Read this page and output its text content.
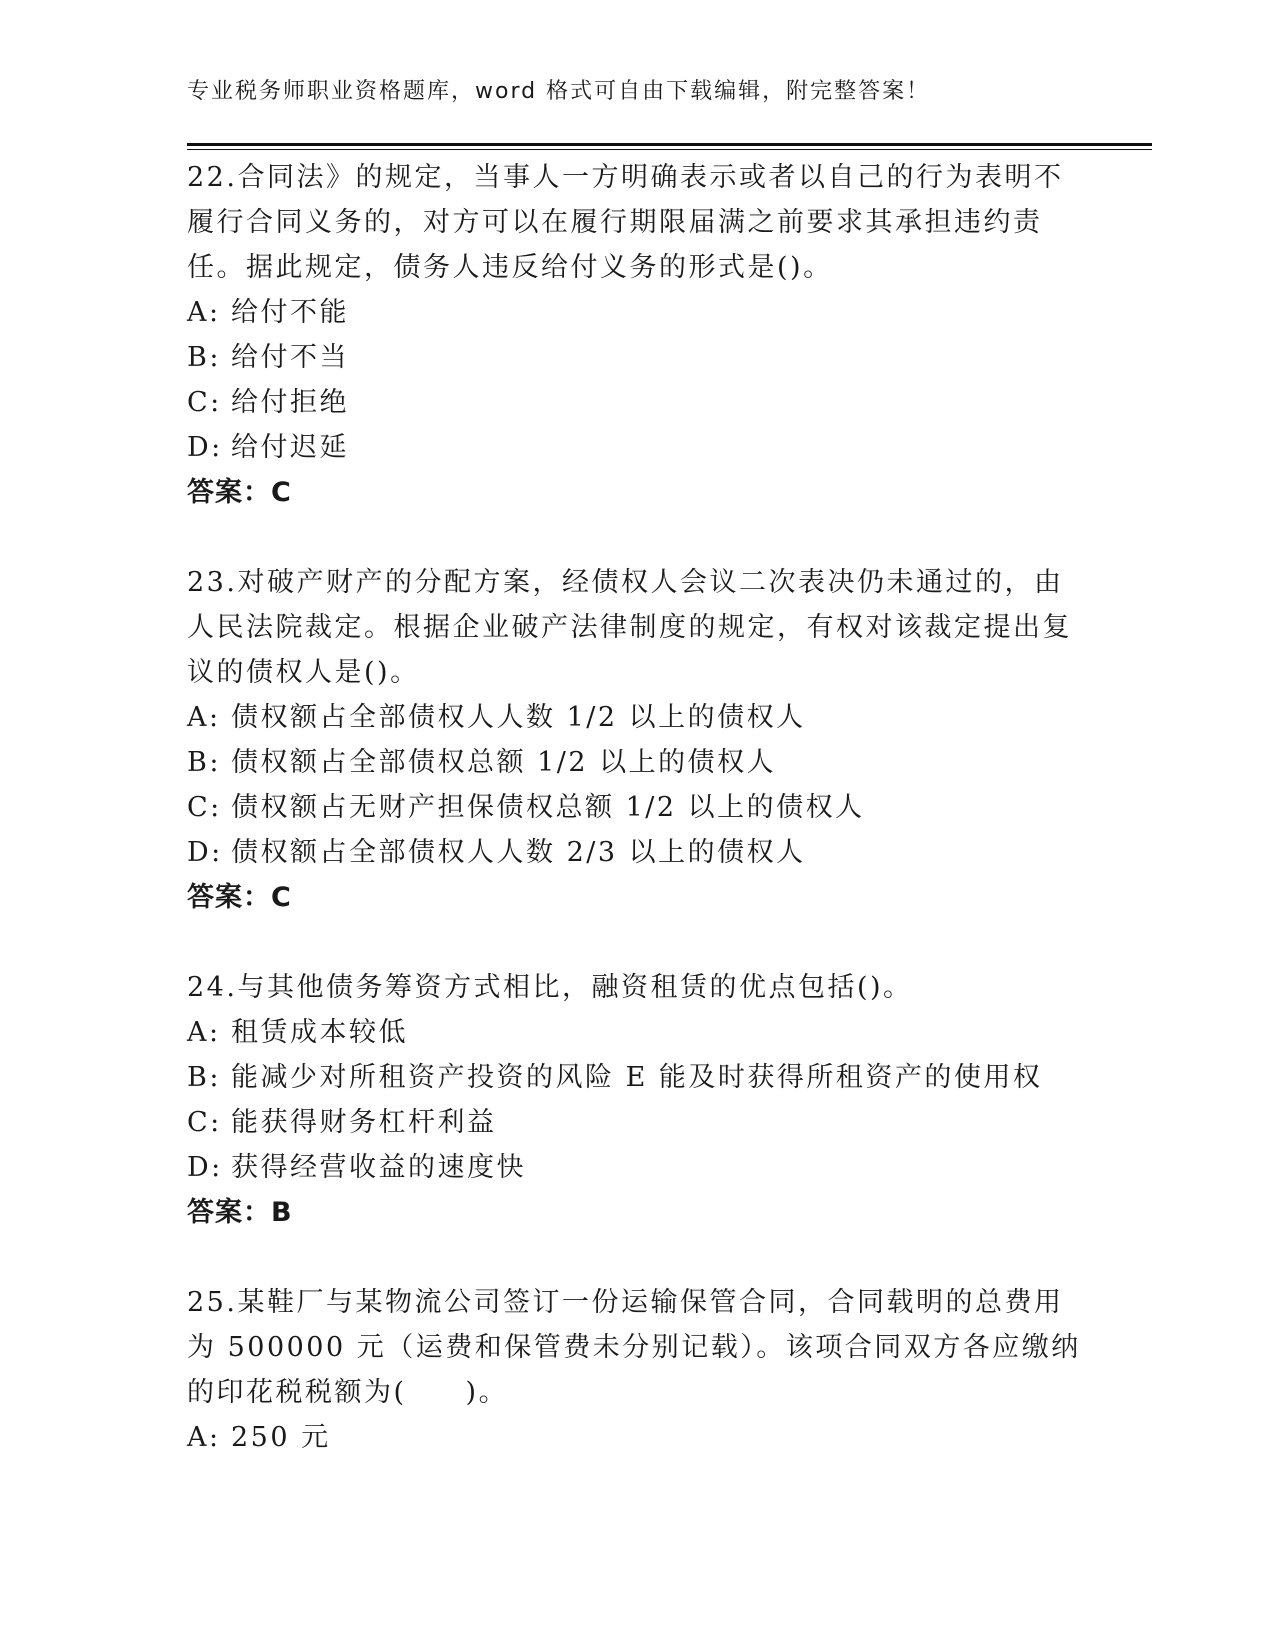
专业税务师职业资格题库，word 格式可自由下载编辑，附完整答案！

22.合同法》的规定，当事人一方明确表示或者以自己的行为表明不履行合同义务的，对方可以在履行期限届满之前要求其承担违约责任。据此规定，债务人违反给付义务的形式是()。

A: 给付不能

B: 给付不当

C: 给付拒绝

D: 给付迟延

答案：C

23.对破产财产的分配方案，经债权人会议二次表决仍未通过的，由人民法院裁定。根据企业破产法律制度的规定，有权对该裁定提出复议的债权人是()。

A: 债权额占全部债权人人数 1/2 以上的债权人

B: 债权额占全部债权总额 1/2 以上的债权人

C: 债权额占无财产担保债权总额 1/2 以上的债权人

D: 债权额占全部债权人人数 2/3 以上的债权人

答案：C

24.与其他债务筹资方式相比，融资租赁的优点包括()。

A: 租赁成本较低

B: 能减少对所租资产投资的风险 E 能及时获得所租资产的使用权

C: 能获得财务杠杆利益

D: 获得经营收益的速度快

答案：B

25.某鞋厂与某物流公司签订一份运输保管合同，合同载明的总费用为 500000 元（运费和保管费未分别记载）。该项合同双方各应缴纳的印花税税额为(　　)。

A: 250 元
